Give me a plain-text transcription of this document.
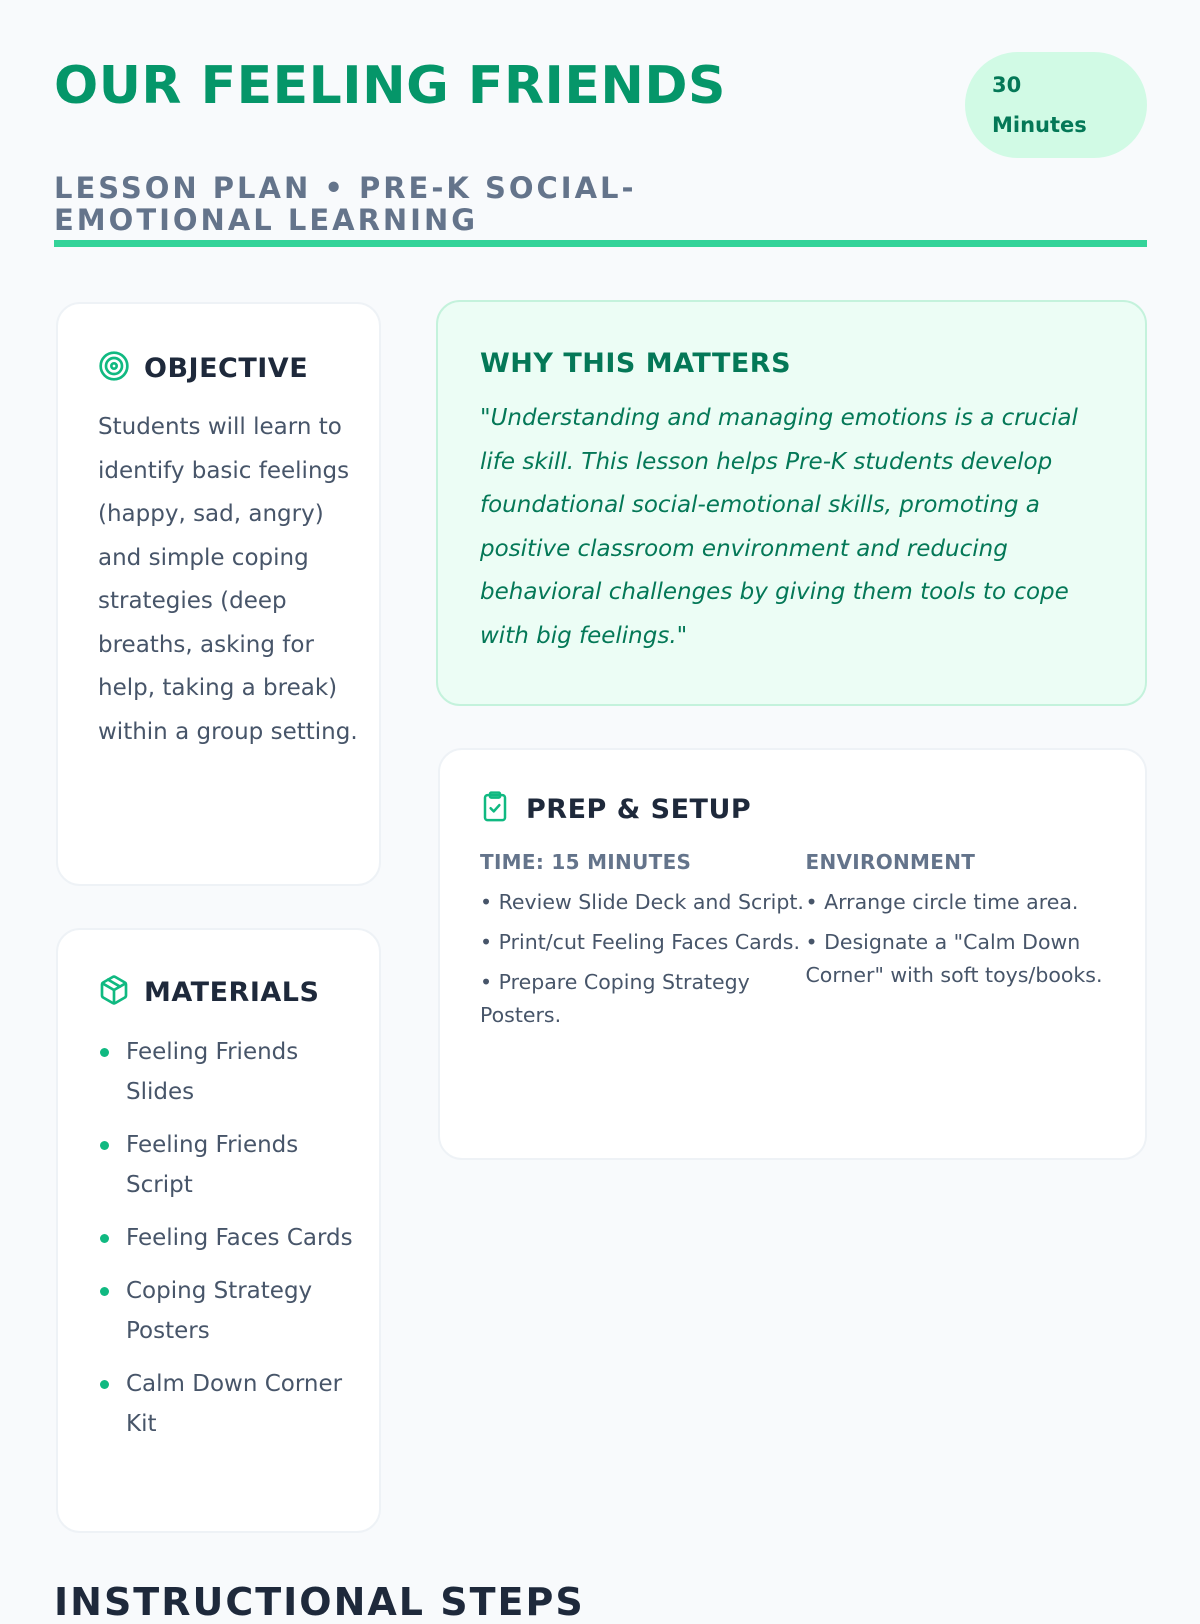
OUR FEELING FRIENDS
LESSON PLAN • PRE-K SOCIAL-EMOTIONAL LEARNING
30
Minutes
OBJECTIVE

Students will learn to identify basic feelings (happy, sad, angry) and simple coping strategies (deep breaths, asking for help, taking a break) within a group setting.

MATERIALS
Feeling Friends Slides
Feeling Friends Script
Feeling Faces Cards
Coping Strategy Posters
Calm Down Corner Kit
WHY THIS MATTERS

"Understanding and managing emotions is a crucial life skill. This lesson helps Pre-K students develop foundational social-emotional skills, promoting a positive classroom environment and reducing behavioral challenges by giving them tools to cope with big feelings."

PREP & SETUP
TIME: 15 MINUTES
• Review Slide Deck and Script.
• Print/cut Feeling Faces Cards.
• Prepare Coping Strategy Posters.
ENVIRONMENT
• Arrange circle time area.
• Designate a "Calm Down Corner" with soft toys/books.
INSTRUCTIONAL STEPS
